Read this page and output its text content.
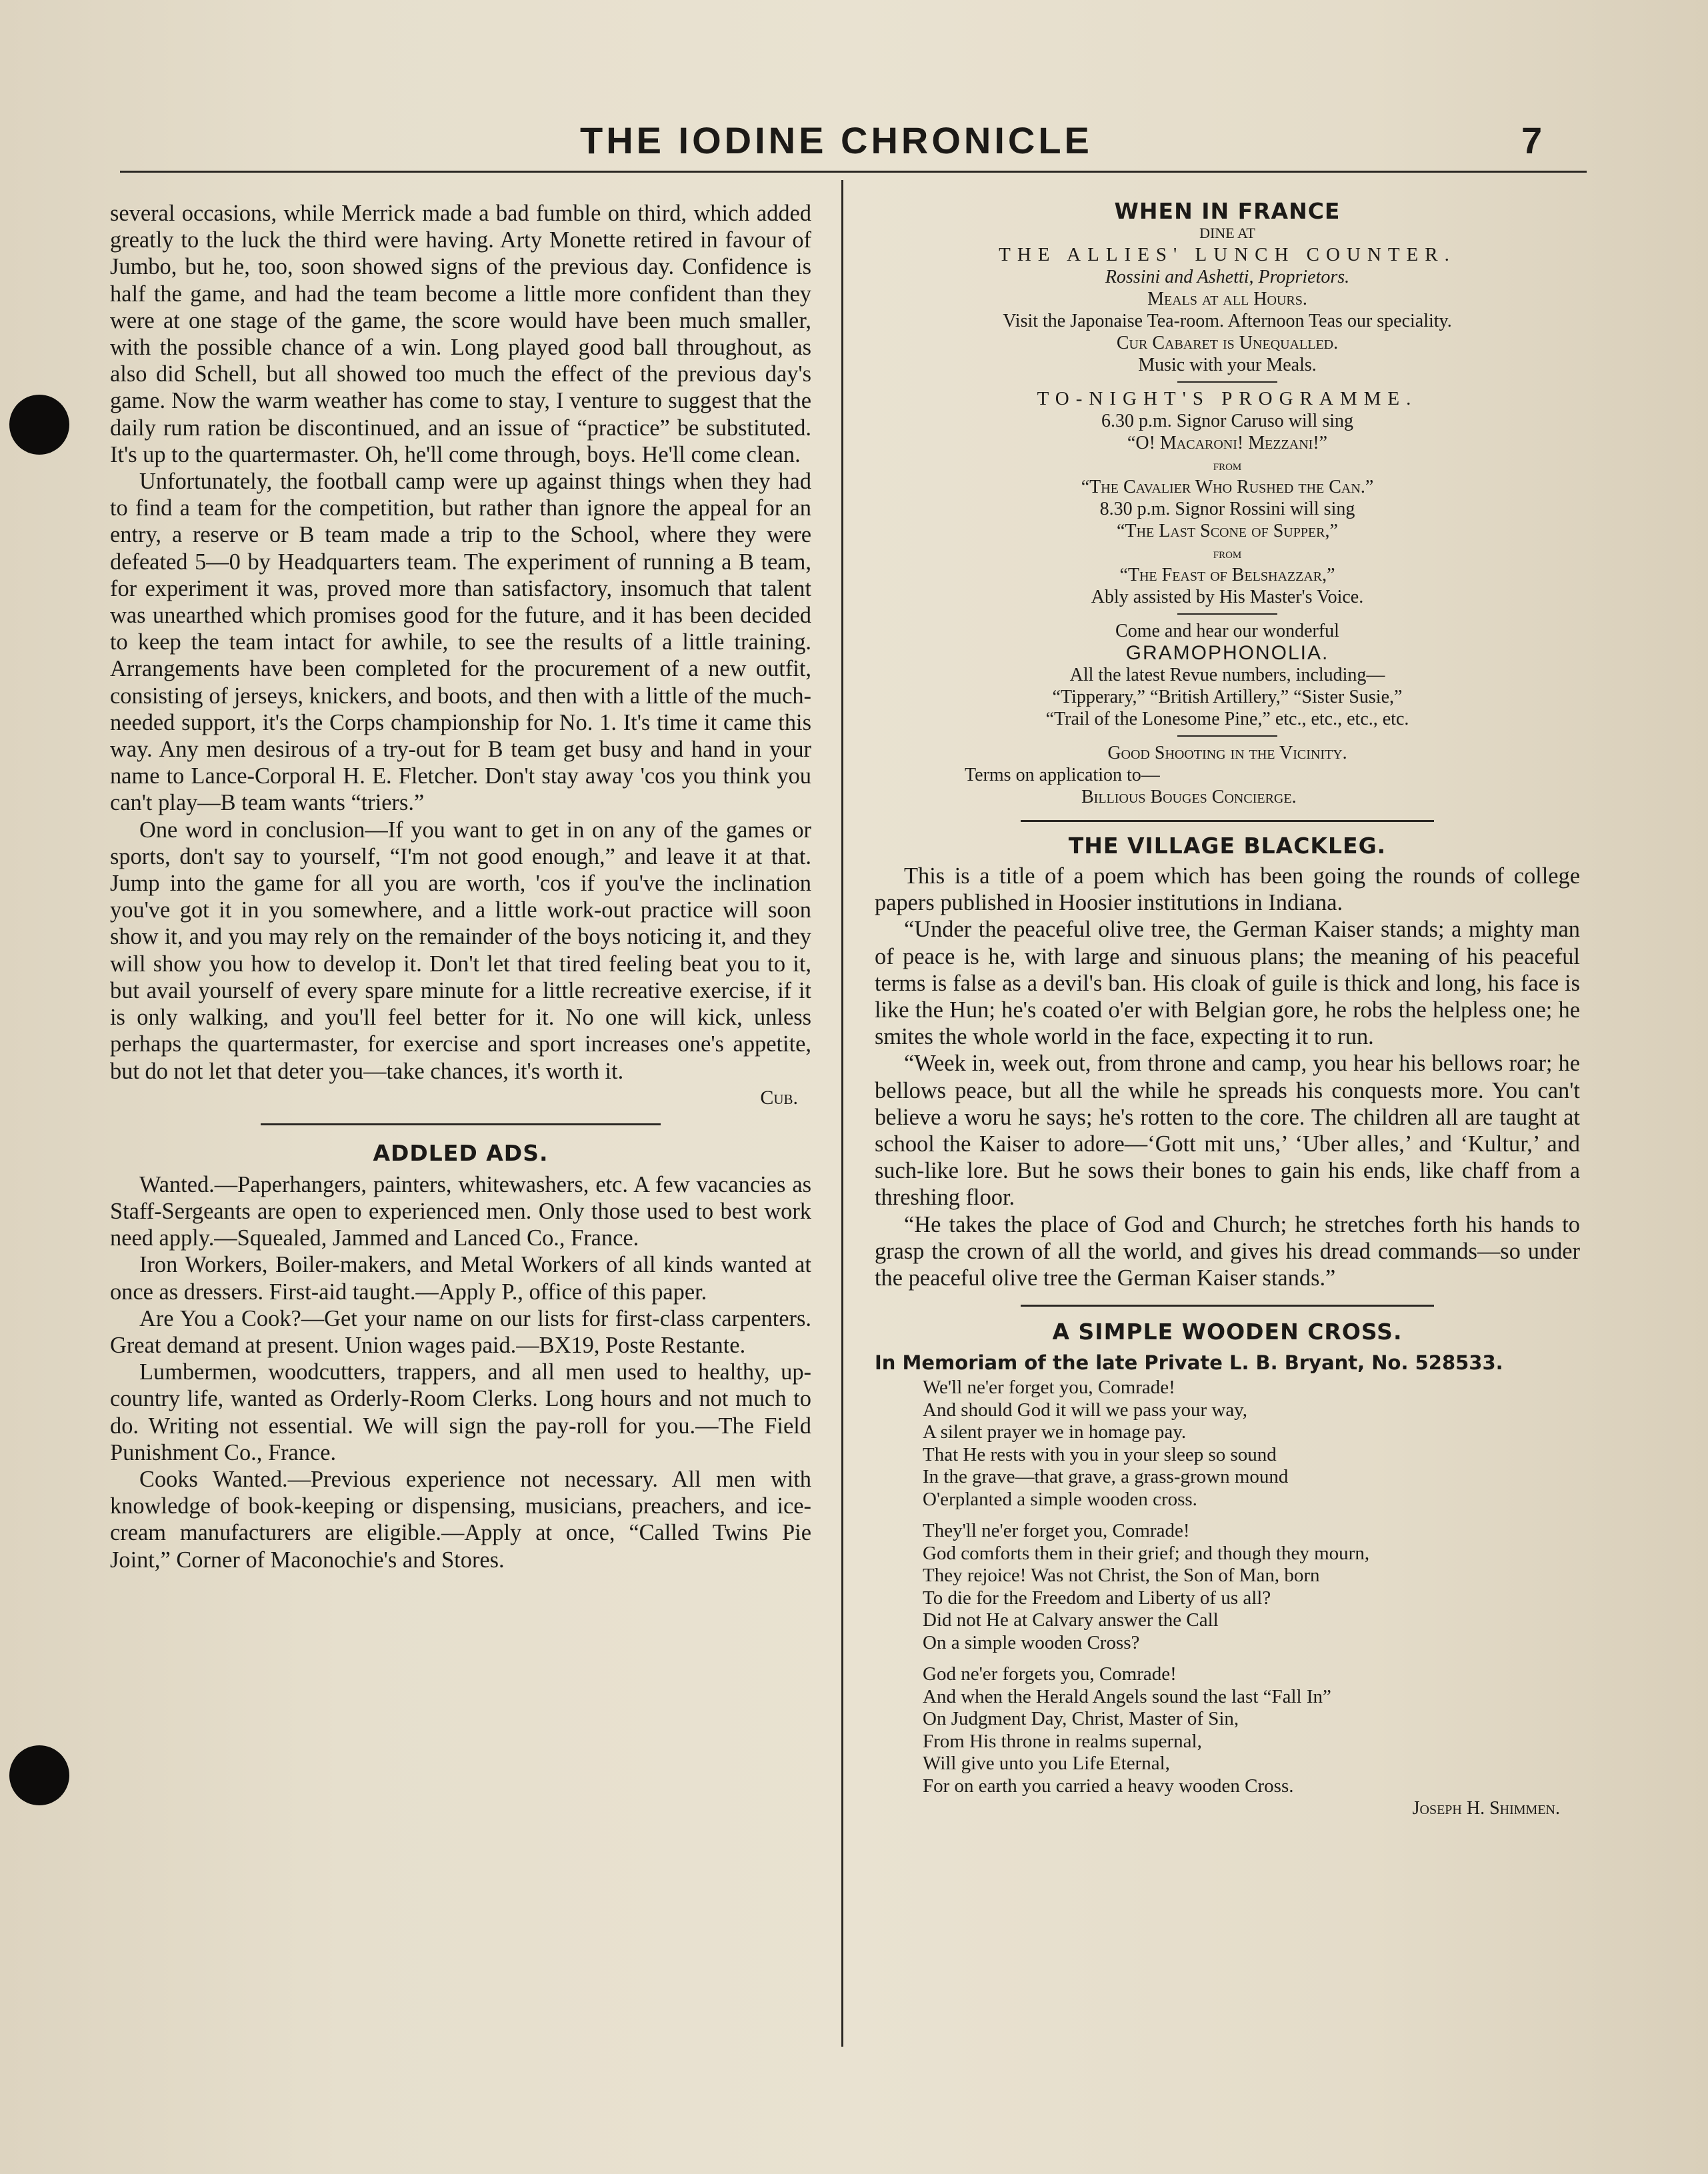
THE IODINE CHRONICLE	7

several occasions, while Merrick made a bad fumble on third, which added greatly to the luck the third were having. Arty Monette retired in favour of Jumbo, but he, too, soon showed signs of the previous day. Confidence is half the game, and had the team become a little more confident than they were at one stage of the game, the score would have been much smaller, with the possible chance of a win. Long played good ball throughout, as also did Schell, but all showed too much the effect of the previous day's game. Now the warm weather has come to stay, I venture to suggest that the daily rum ration be discontinued, and an issue of “practice” be substituted. It's up to the quartermaster. Oh, he'll come through, boys. He'll come clean.

Unfortunately, the football camp were up against things when they had to find a team for the competition, but rather than ignore the appeal for an entry, a reserve or B team made a trip to the School, where they were defeated 5—0 by Headquarters team. The experiment of running a B team, for experiment it was, proved more than satisfactory, insomuch that talent was unearthed which promises good for the future, and it has been decided to keep the team intact for awhile, to see the results of a little training. Arrangements have been completed for the procurement of a new outfit, consisting of jerseys, knickers, and boots, and then with a little of the much-needed support, it's the Corps championship for No. 1. It's time it came this way. Any men desirous of a try-out for B team get busy and hand in your name to Lance-Corporal H. E. Fletcher. Don't stay away 'cos you think you can't play—B team wants “triers.”

One word in conclusion—If you want to get in on any of the games or sports, don't say to yourself, “I'm not good enough,” and leave it at that. Jump into the game for all you are worth, 'cos if you've the inclination you've got it in you somewhere, and a little work-out practice will soon show it, and you may rely on the remainder of the boys noticing it, and they will show you how to develop it. Don't let that tired feeling beat you to it, but avail yourself of every spare minute for a little recreative exercise, if it is only walking, and you'll feel better for it. No one will kick, unless perhaps the quartermaster, for exercise and sport increases one's appetite, but do not let that deter you—take chances, it's worth it.

Cub.
ADDLED ADS.

Wanted.—Paperhangers, painters, whitewashers, etc. A few vacancies as Staff-Sergeants are open to experienced men. Only those used to best work need apply.—Squealed, Jammed and Lanced Co., France.

Iron Workers, Boiler-makers, and Metal Workers of all kinds wanted at once as dressers. First-aid taught.—Apply P., office of this paper.

Are You a Cook?—Get your name on our lists for first-class carpenters. Great demand at present. Union wages paid.—BX19, Poste Restante.

Lumbermen, woodcutters, trappers, and all men used to healthy, up-country life, wanted as Orderly-Room Clerks. Long hours and not much to do. Writing not essential. We will sign the pay-roll for you.—The Field Punishment Co., France.

Cooks Wanted.—Previous experience not necessary. All men with knowledge of book-keeping or dispensing, musicians, preachers, and ice-cream manufacturers are eligible.—Apply at once, “Called Twins Pie Joint,” Corner of Maconochie's and Stores.

WHEN IN FRANCE
DINE AT
THE ALLIES' LUNCH COUNTER.
Rossini and Ashetti, Proprietors.
Meals at all Hours.
Visit the Japonaise Tea-room. Afternoon Teas our speciality.
Cur Cabaret is Unequalled.
Music with your Meals.
TO-NIGHT'S PROGRAMME.
6.30 p.m. Signor Caruso will sing
“O! Macaroni! Mezzani!”
from
“The Cavalier Who Rushed the Can.”
8.30 p.m. Signor Rossini will sing
“The Last Scone of Supper,”
from
“The Feast of Belshazzar,”
Ably assisted by His Master's Voice.
Come and hear our wonderful
GRAMOPHONOLIA.
All the latest Revue numbers, including—
“Tipperary,” “British Artillery,” “Sister Susie,”
“Trail of the Lonesome Pine,” etc., etc., etc., etc.
Good Shooting in the Vicinity.
Terms on application to—
Billious Bouges Concierge.
THE VILLAGE BLACKLEG.

This is a title of a poem which has been going the rounds of college papers published in Hoosier institutions in Indiana.

“Under the peaceful olive tree, the German Kaiser stands; a mighty man of peace is he, with large and sinuous plans; the meaning of his peaceful terms is false as a devil's ban. His cloak of guile is thick and long, his face is like the Hun; he's coated o'er with Belgian gore, he robs the helpless one; he smites the whole world in the face, expecting it to run.

“Week in, week out, from throne and camp, you hear his bellows roar; he bellows peace, but all the while he spreads his conquests more. You can't believe a woru he says; he's rotten to the core. The children all are taught at school the Kaiser to adore—‘Gott mit uns,’ ‘Uber alles,’ and ‘Kultur,’ and such-like lore. But he sows their bones to gain his ends, like chaff from a threshing floor.

“He takes the place of God and Church; he stretches forth his hands to grasp the crown of all the world, and gives his dread commands—so under the peaceful olive tree the German Kaiser stands.”

A SIMPLE WOODEN CROSS.
In Memoriam of the late Private L. B. Bryant, No. 528533.
We'll ne'er forget you, Comrade!
And should God it will we pass your way,
A silent prayer we in homage pay.
That He rests with you in your sleep so sound
In the grave—that grave, a grass-grown mound
O'erplanted a simple wooden cross.
They'll ne'er forget you, Comrade!
God comforts them in their grief; and though they mourn,
They rejoice! Was not Christ, the Son of Man, born
To die for the Freedom and Liberty of us all?
Did not He at Calvary answer the Call
On a simple wooden Cross?
God ne'er forgets you, Comrade!
And when the Herald Angels sound the last “Fall In”
On Judgment Day, Christ, Master of Sin,
From His throne in realms supernal,
Will give unto you Life Eternal,
For on earth you carried a heavy wooden Cross.
Joseph H. Shimmen.
